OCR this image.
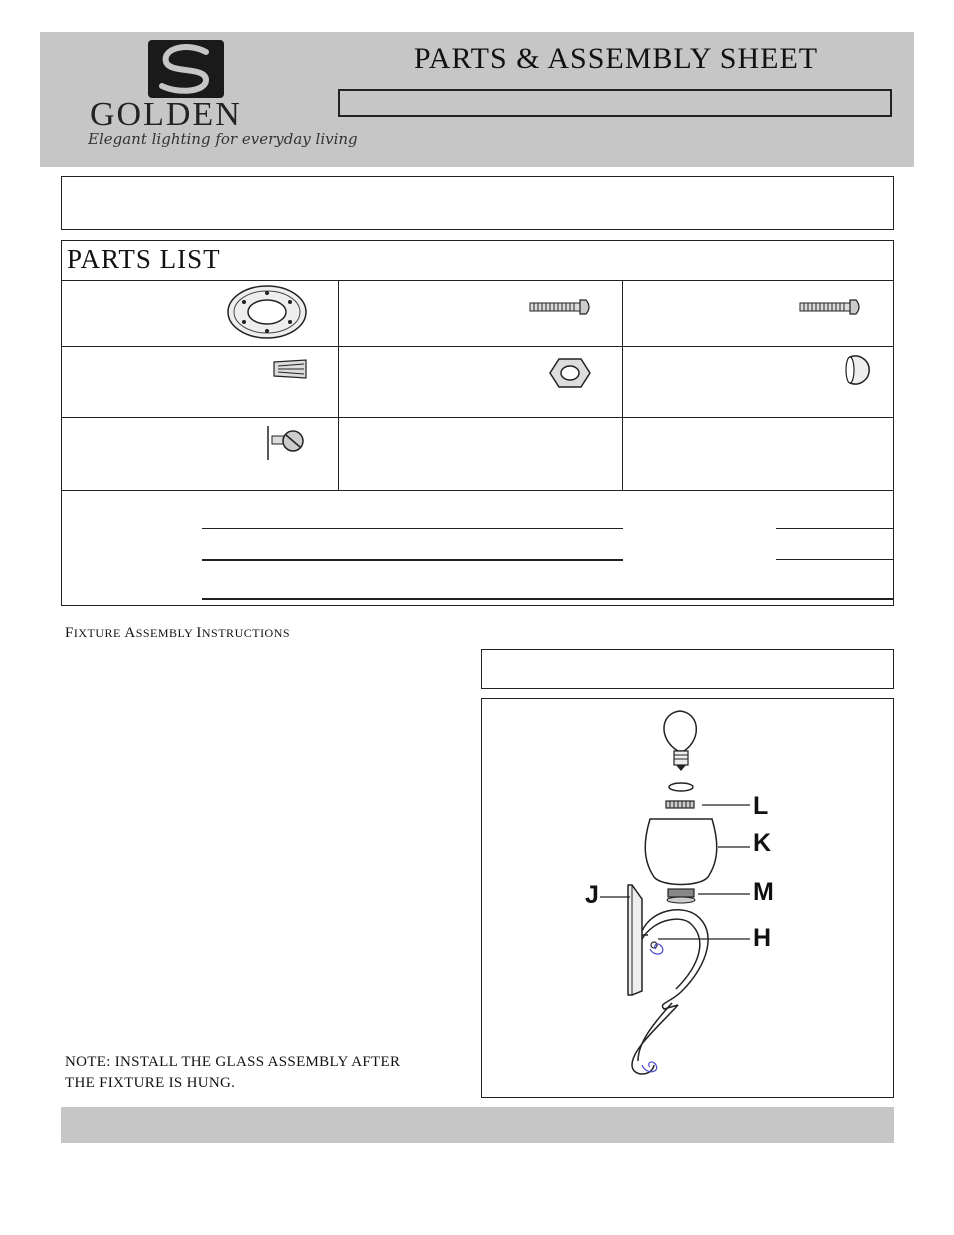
GOLDEN
Elegant lighting for everyday living
PARTS & ASSEMBLY SHEET
PARTS LIST
FIXTURE ASSEMBLY INSTRUCTIONS
L
K
J	M
H
NOTE: INSTALL THE GLASS ASSEMBLY AFTER
THE FIXTURE IS HUNG.
